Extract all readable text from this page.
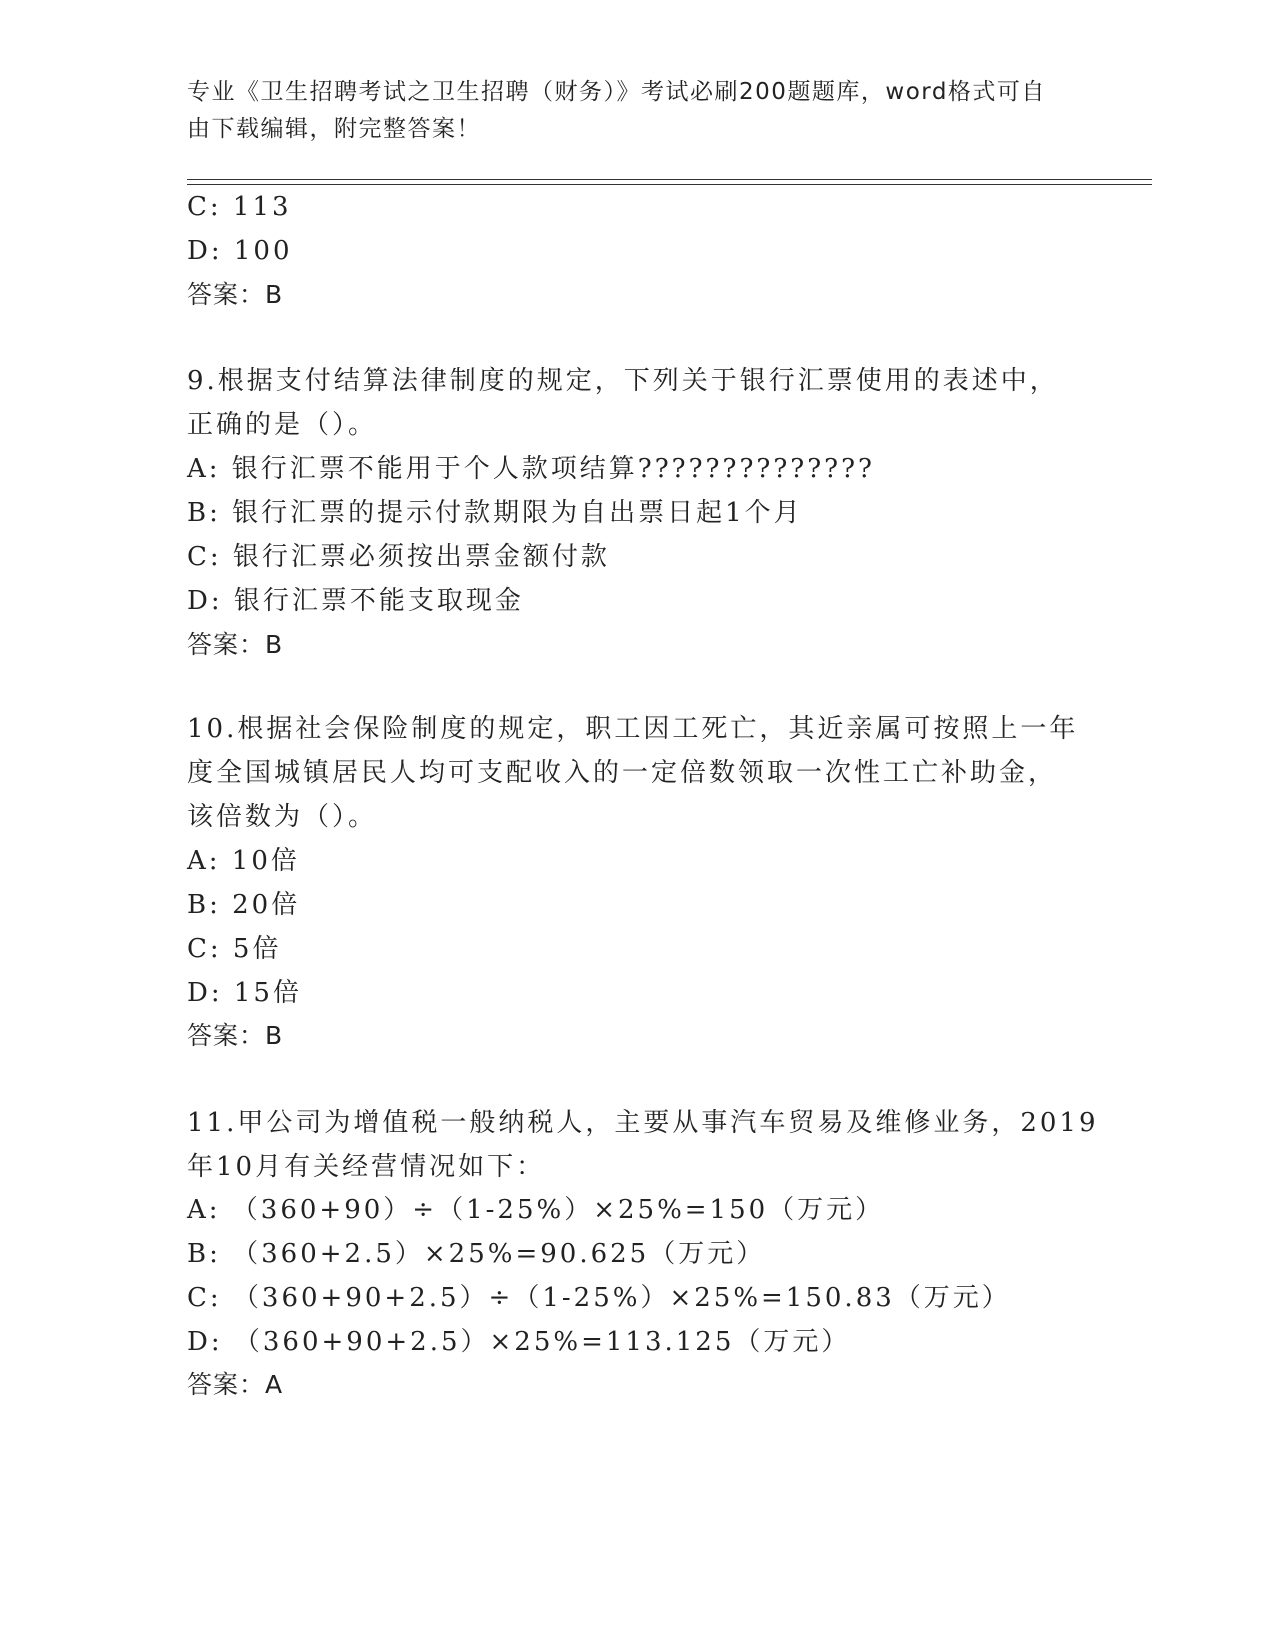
专业《卫生招聘考试之卫生招聘（财务）》考试必刷200题题库，word格式可自
由下载编辑，附完整答案！
C: 113
D: 100
答案：B
9.根据支付结算法律制度的规定，下列关于银行汇票使用的表述中，
正确的是（）。
A: 银行汇票不能用于个人款项结算??????????????
B: 银行汇票的提示付款期限为自出票日起1个月
C: 银行汇票必须按出票金额付款
D: 银行汇票不能支取现金
答案：B
10.根据社会保险制度的规定，职工因工死亡，其近亲属可按照上一年
度全国城镇居民人均可支配收入的一定倍数领取一次性工亡补助金，
该倍数为（）。
A: 10倍
B: 20倍
C: 5倍
D: 15倍
答案：B
11.甲公司为增值税一般纳税人，主要从事汽车贸易及维修业务，2019
年10月有关经营情况如下：
A: （360+90）÷（1-25%）×25%=150（万元）
B: （360+2.5）×25%=90.625（万元）
C: （360+90+2.5）÷（1-25%）×25%=150.83（万元）
D: （360+90+2.5）×25%=113.125（万元）
答案：A
